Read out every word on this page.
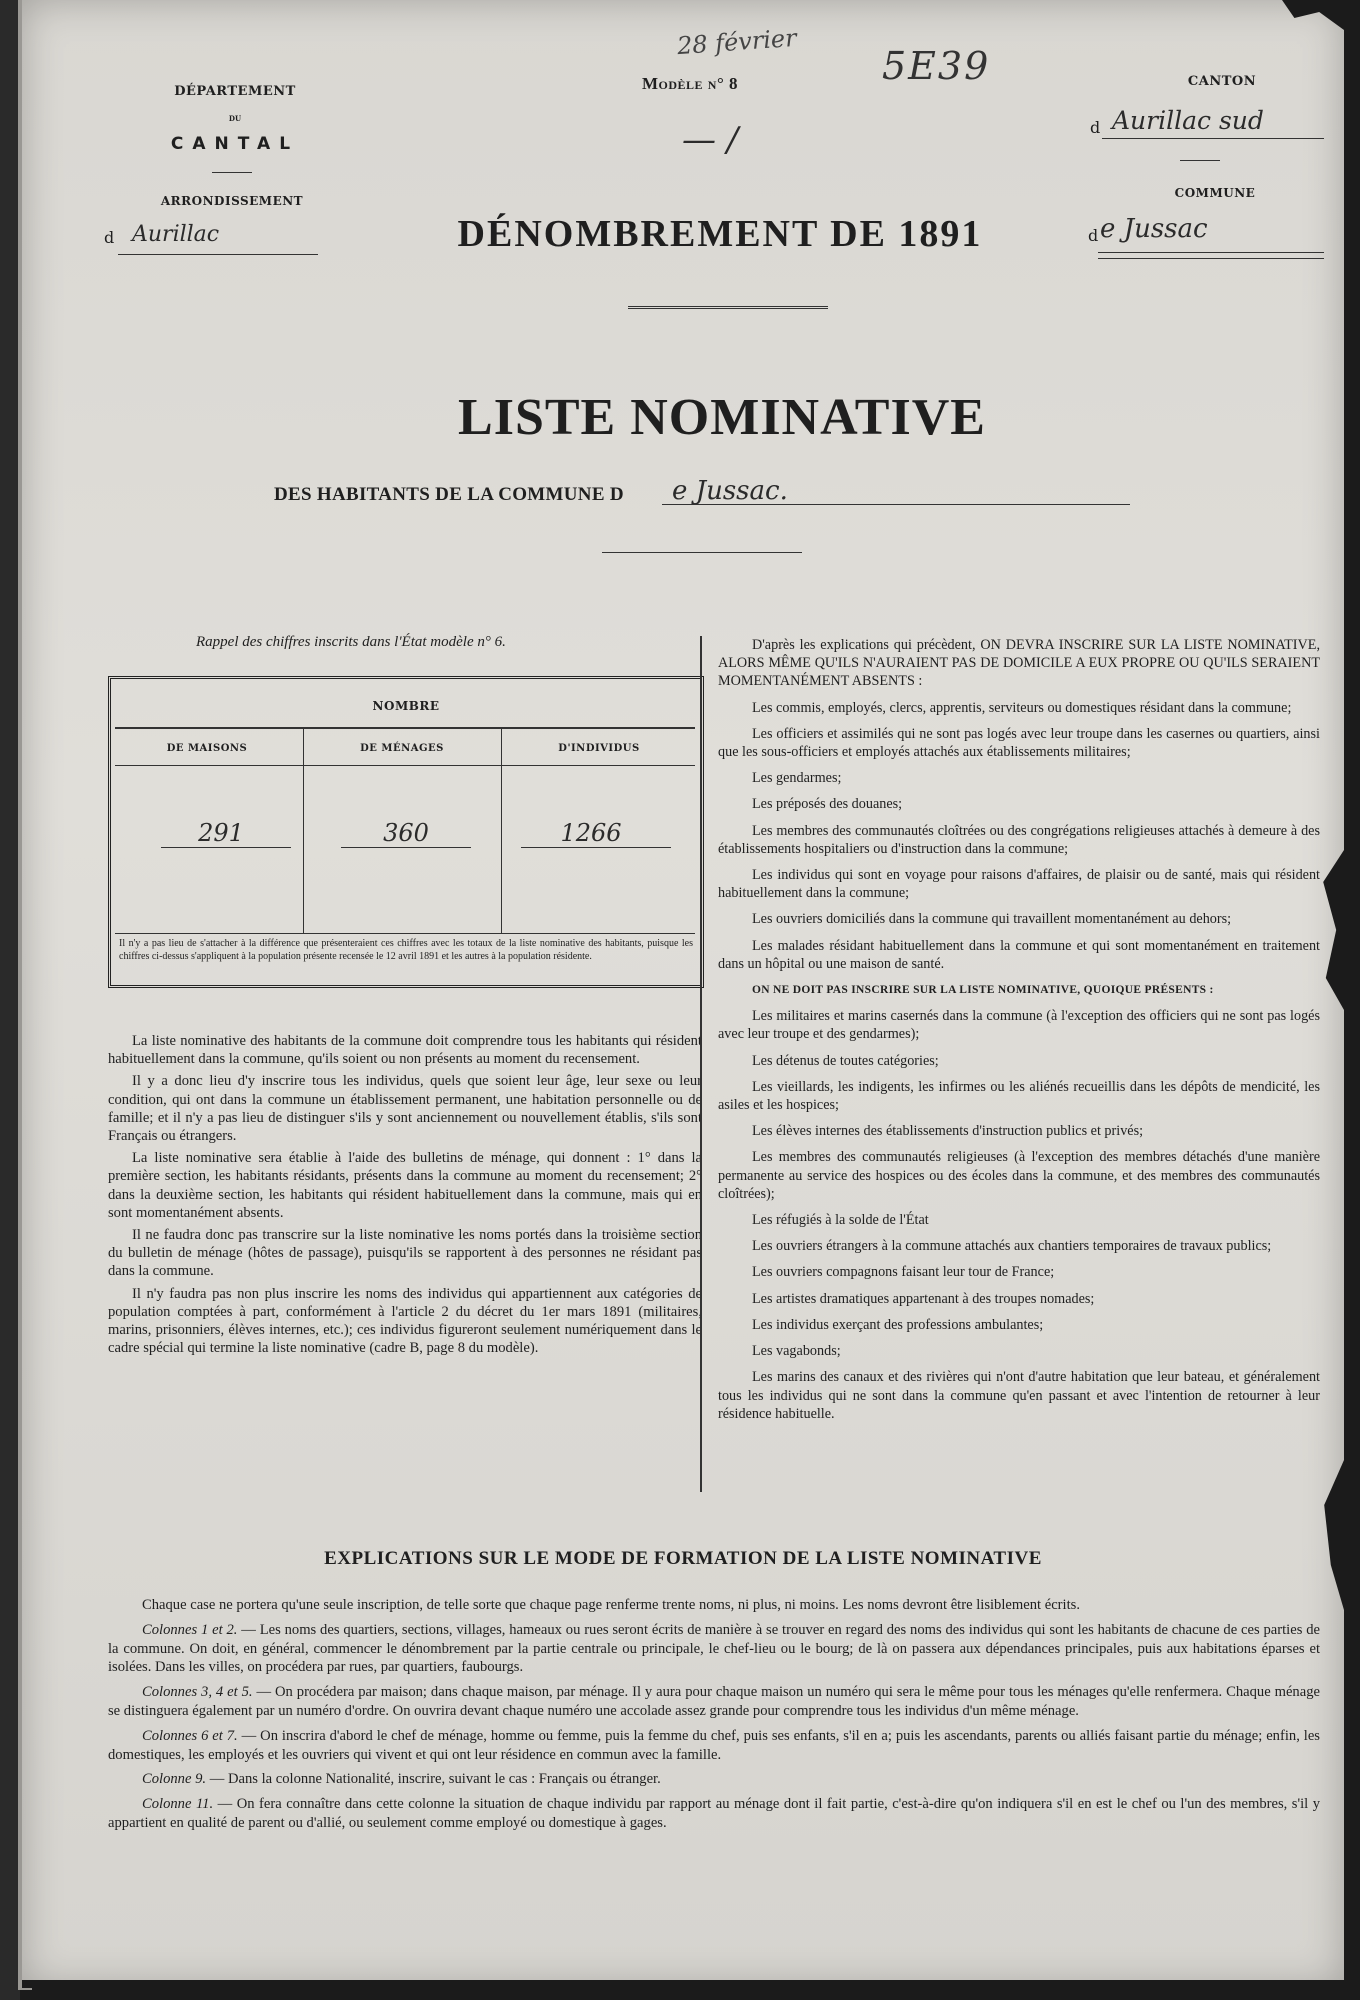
DÉPARTEMENT
DU
CANTAL
ARRONDISSEMENT
d Aurillac
Modèle n° 8
— /
28 février
5E39
DÉNOMBREMENT DE 1891
CANTON
d Aurillac sud
COMMUNE
d e Jussac
LISTE NOMINATIVE
DES HABITANTS DE LA COMMUNE D e Jussac.
Rappel des chiffres inscrits dans l'État modèle n° 6.
NOMBRE
DE MAISONS	DE MÉNAGES	D'INDIVIDUS
291	360	1266
Il n'y a pas lieu de s'attacher à la différence que présenteraient ces chiffres avec les totaux de la liste nominative des habitants, puisque les chiffres ci-dessus s'appliquent à la population présente recensée le 12 avril 1891 et les autres à la population résidente.

La liste nominative des habitants de la commune doit comprendre tous les habitants qui résident habituellement dans la commune, qu'ils soient ou non présents au moment du recensement.

Il y a donc lieu d'y inscrire tous les individus, quels que soient leur âge, leur sexe ou leur condition, qui ont dans la commune un établissement permanent, une habitation personnelle ou de famille; et il n'y a pas lieu de distinguer s'ils y sont anciennement ou nouvellement établis, s'ils sont Français ou étrangers.

La liste nominative sera établie à l'aide des bulletins de ménage, qui donnent : 1° dans la première section, les habitants résidants, présents dans la commune au moment du recensement; 2° dans la deuxième section, les habitants qui résident habituellement dans la commune, mais qui en sont momentanément absents.

Il ne faudra donc pas transcrire sur la liste nominative les noms portés dans la troisième section du bulletin de ménage (hôtes de passage), puisqu'ils se rapportent à des personnes ne résidant pas dans la commune.

Il n'y faudra pas non plus inscrire les noms des individus qui appartiennent aux catégories de population comptées à part, conformément à l'article 2 du décret du 1er mars 1891 (militaires, marins, prisonniers, élèves internes, etc.); ces individus figureront seulement numériquement dans le cadre spécial qui termine la liste nominative (cadre B, page 8 du modèle).

D'après les explications qui précèdent, ON DEVRA INSCRIRE SUR LA LISTE NOMINATIVE, ALORS MÊME QU'ILS N'AURAIENT PAS DE DOMICILE A EUX PROPRE OU QU'ILS SERAIENT MOMENTANÉMENT ABSENTS :

Les commis, employés, clercs, apprentis, serviteurs ou domestiques résidant dans la commune;

Les officiers et assimilés qui ne sont pas logés avec leur troupe dans les casernes ou quartiers, ainsi que les sous-officiers et employés attachés aux établissements militaires;

Les gendarmes;

Les préposés des douanes;

Les membres des communautés cloîtrées ou des congrégations religieuses attachés à demeure à des établissements hospitaliers ou d'instruction dans la commune;

Les individus qui sont en voyage pour raisons d'affaires, de plaisir ou de santé, mais qui résident habituellement dans la commune;

Les ouvriers domiciliés dans la commune qui travaillent momentanément au dehors;

Les malades résidant habituellement dans la commune et qui sont momentanément en traitement dans un hôpital ou une maison de santé.

ON NE DOIT PAS INSCRIRE SUR LA LISTE NOMINATIVE, QUOIQUE PRÉSENTS :

Les militaires et marins casernés dans la commune (à l'exception des officiers qui ne sont pas logés avec leur troupe et des gendarmes);

Les détenus de toutes catégories;

Les vieillards, les indigents, les infirmes ou les aliénés recueillis dans les dépôts de mendicité, les asiles et les hospices;

Les élèves internes des établissements d'instruction publics et privés;

Les membres des communautés religieuses (à l'exception des membres détachés d'une manière permanente au service des hospices ou des écoles dans la commune, et des membres des communautés cloîtrées);

Les réfugiés à la solde de l'État

Les ouvriers étrangers à la commune attachés aux chantiers temporaires de travaux publics;

Les ouvriers compagnons faisant leur tour de France;

Les artistes dramatiques appartenant à des troupes nomades;

Les individus exerçant des professions ambulantes;

Les vagabonds;

Les marins des canaux et des rivières qui n'ont d'autre habitation que leur bateau, et généralement tous les individus qui ne sont dans la commune qu'en passant et avec l'intention de retourner à leur résidence habituelle.

EXPLICATIONS SUR LE MODE DE FORMATION DE LA LISTE NOMINATIVE

Chaque case ne portera qu'une seule inscription, de telle sorte que chaque page renferme trente noms, ni plus, ni moins. Les noms devront être lisiblement écrits.

Colonnes 1 et 2. — Les noms des quartiers, sections, villages, hameaux ou rues seront écrits de manière à se trouver en regard des noms des individus qui sont les habitants de chacune de ces parties de la commune. On doit, en général, commencer le dénombrement par la partie centrale ou principale, le chef-lieu ou le bourg; de là on passera aux dépendances principales, puis aux habitations éparses et isolées. Dans les villes, on procédera par rues, par quartiers, faubourgs.

Colonnes 3, 4 et 5. — On procédera par maison; dans chaque maison, par ménage. Il y aura pour chaque maison un numéro qui sera le même pour tous les ménages qu'elle renfermera. Chaque ménage se distinguera également par un numéro d'ordre. On ouvrira devant chaque numéro une accolade assez grande pour comprendre tous les individus d'un même ménage.

Colonnes 6 et 7. — On inscrira d'abord le chef de ménage, homme ou femme, puis la femme du chef, puis ses enfants, s'il en a; puis les ascendants, parents ou alliés faisant partie du ménage; enfin, les domestiques, les employés et les ouvriers qui vivent et qui ont leur résidence en commun avec la famille.

Colonne 9. — Dans la colonne Nationalité, inscrire, suivant le cas : Français ou étranger.

Colonne 11. — On fera connaître dans cette colonne la situation de chaque individu par rapport au ménage dont il fait partie, c'est-à-dire qu'on indiquera s'il en est le chef ou l'un des membres, s'il y appartient en qualité de parent ou d'allié, ou seulement comme employé ou domestique à gages.
